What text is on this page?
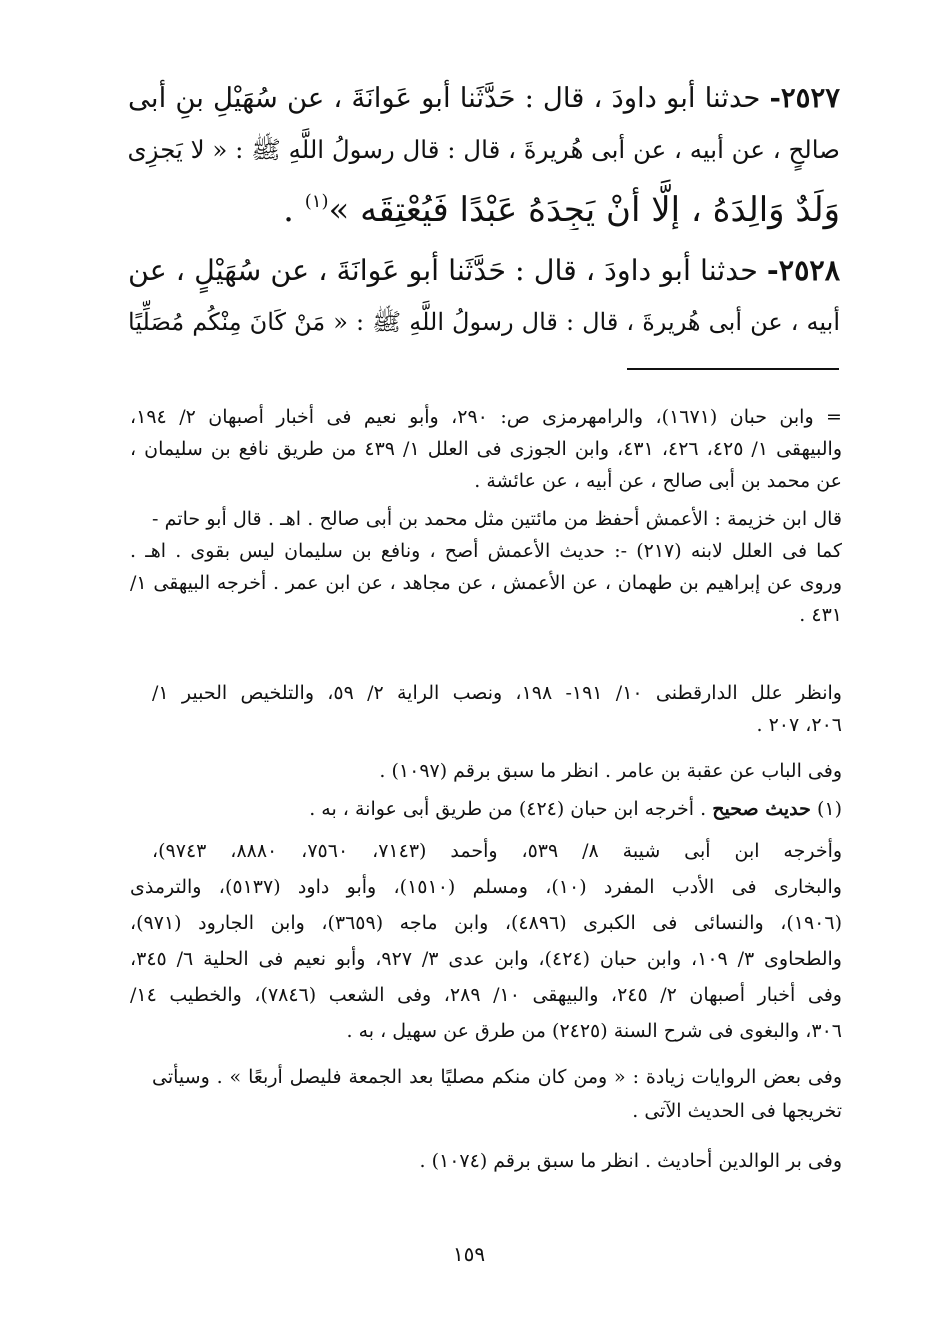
٢٥٢٧- حدثنا أبو داودَ ، قال : حَدَّثَنا أبو عَوانَةَ ، عن سُهَيْلِ بنِ أبى
صالحٍ ، عن أبيه ، عن أبى هُريرةَ ، قال : قال رسولُ اللَّهِ ﷺ : « لا يَجزِى
وَلَدٌ وَالِدَهُ ، إلَّا أنْ يَجِدَهُ عَبْدًا فَيُعْتِقَه »$^{(١)}$ .
٢٥٢٨- حدثنا أبو داودَ ، قال : حَدَّثَنا أبو عَوانَةَ ، عن سُهَيْلٍ ، عن
أبيه ، عن أبى هُريرةَ ، قال : قال رسولُ اللَّهِ ﷺ : « مَنْ كَانَ مِنْكُم مُصَلِّيًا
= وابن حبان (١٦٧١)، والرامهرمزى ص: ٢٩٠، وأبو نعيم فى أخبار أصبهان ٢/ ١٩٤،
والبيهقى ١/ ٤٢٥، ٤٢٦، ٤٣١، وابن الجوزى فى العلل ١/ ٤٣٩ من طريق نافع بن سليمان ،
عن محمد بن أبى صالح ، عن أبيه ، عن عائشة .
قال ابن خزيمة : الأعمش أحفظ من مائتين مثل محمد بن أبى صالح . اهـ . قال أبو حاتم -
كما فى العلل لابنه (٢١٧) -: حديث الأعمش أصح ، ونافع بن سليمان ليس بقوى . اهـ .
وروى عن إبراهيم بن طهمان ، عن الأعمش ، عن مجاهد ، عن ابن عمر . أخرجه البيهقى ١/
٤٣١ .
وانظر علل الدارقطنى ١٠/ ١٩١- ١٩٨، ونصب الراية ٢/ ٥٩، والتلخيص الحبير ١/
٢٠٦، ٢٠٧ .
وفى الباب عن عقبة بن عامر . انظر ما سبق برقم (١٠٩٧) .
(١) حديث صحيح . أخرجه ابن حبان (٤٢٤) من طريق أبى عوانة ، به .
وأخرجه ابن أبى شيبة ٨/ ٥٣٩، وأحمد (٧١٤٣، ٧٥٦٠، ٨٨٨٠، ٩٧٤٣)،
والبخارى فى الأدب المفرد (١٠)، ومسلم (١٥١٠)، وأبو داود (٥١٣٧)، والترمذى
(١٩٠٦)، والنسائى فى الكبرى (٤٨٩٦)، وابن ماجه (٣٦٥٩)، وابن الجارود (٩٧١)،
والطحاوى ٣/ ١٠٩، وابن حبان (٤٢٤)، وابن عدى ٣/ ٩٢٧، وأبو نعيم فى الحلية ٦/ ٣٤٥،
وفى أخبار أصبهان ٢/ ٢٤٥، والبيهقى ١٠/ ٢٨٩، وفى الشعب (٧٨٤٦)، والخطيب ١٤/
٣٠٦، والبغوى فى شرح السنة (٢٤٢٥) من طرق عن سهيل ، به .
وفى بعض الروايات زيادة : « ومن كان منكم مصليًا بعد الجمعة فليصل أربعًا » . وسيأتى
تخريجها فى الحديث الآتى .
وفى بر الوالدين أحاديث . انظر ما سبق برقم (١٠٧٤) .
١٥٩
